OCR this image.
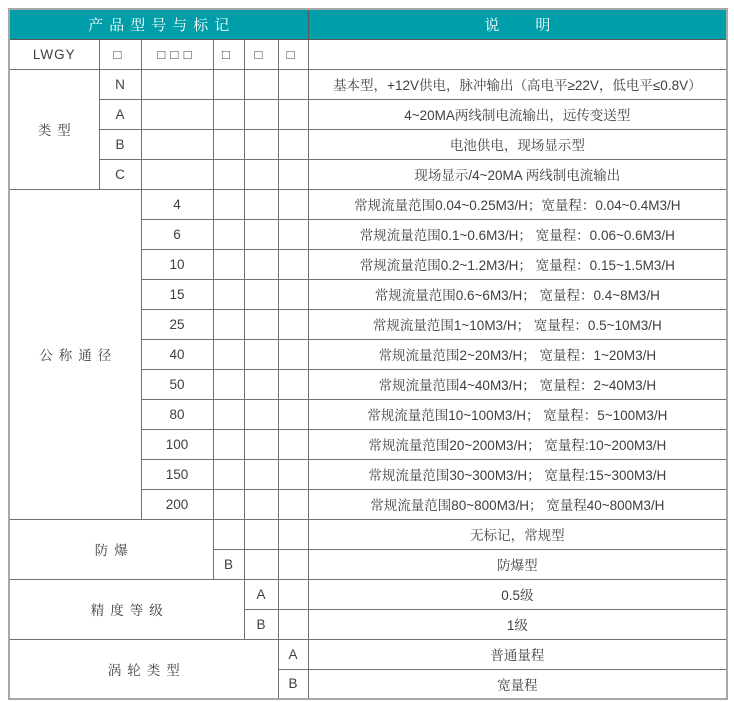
产品型号与标记						说明
LWGY	□	□□□	□	□	□	
类型	N					基本型，+12V供电，脉冲输出（高电平≥22V，低电平≤0.8V）
	A					4~20MA两线制电流输出，远传变送型
	B					电池供电，现场显示型
	C					现场显示/4~20MA 两线制电流输出
公称通径		4				常规流量范围0.04~0.25M3/H；宽量程：0.04~0.4M3/H
		6				常规流量范围0.1~0.6M3/H； 宽量程：0.06~0.6M3/H
		10				常规流量范围0.2~1.2M3/H； 宽量程：0.15~1.5M3/H
		15				常规流量范围0.6~6M3/H； 宽量程：0.4~8M3/H
		25				常规流量范围1~10M3/H； 宽量程：0.5~10M3/H
		40				常规流量范围2~20M3/H； 宽量程：1~20M3/H
		50				常规流量范围4~40M3/H； 宽量程：2~40M3/H
		80				常规流量范围10~100M3/H； 宽量程：5~100M3/H
		100				常规流量范围20~200M3/H； 宽量程:10~200M3/H
		150				常规流量范围30~300M3/H； 宽量程:15~300M3/H
		200				常规流量范围80~800M3/H； 宽量程40~800M3/H
防爆						无标记，常规型
			B			防爆型
精度等级				A		0.5级
				B		1级
涡轮类型					A	普通量程
					B	宽量程
